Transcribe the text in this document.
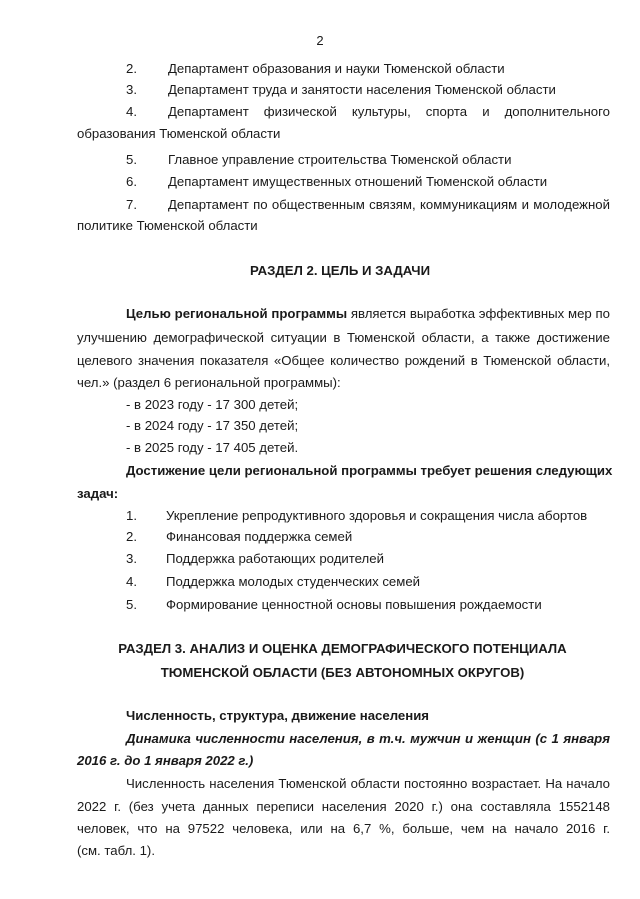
2
2.	Департамент образования и науки Тюменской области
3.	Департамент труда и занятости населения Тюменской области
4.	Департамент физической культуры, спорта и дополнительного
образования Тюменской области
5.	Главное управление строительства Тюменской области
6.	Департамент имущественных отношений Тюменской области
7.	Департамент по общественным связям, коммуникациям и молодежной
политике Тюменской области
РАЗДЕЛ 2. ЦЕЛЬ И ЗАДАЧИ
Целью региональной программы является выработка эффективных мер по
улучшению демографической ситуации в Тюменской области, а также достижение
целевого значения показателя «Общее количество рождений в Тюменской области,
чел.» (раздел 6 региональной программы):
- в 2023 году - 17 300 детей;
- в 2024 году - 17 350 детей;
- в 2025 году - 17 405 детей.
Достижение цели региональной программы требует решения следующих
задач:
1.	Укрепление репродуктивного здоровья и сокращения числа абортов
2.	Финансовая поддержка семей
3.	Поддержка работающих родителей
4.	Поддержка молодых студенческих семей
5.	Формирование ценностной основы повышения рождаемости
РАЗДЕЛ 3. АНАЛИЗ И ОЦЕНКА ДЕМОГРАФИЧЕСКОГО ПОТЕНЦИАЛА
ТЮМЕНСКОЙ ОБЛАСТИ (БЕЗ АВТОНОМНЫХ ОКРУГОВ)
Численность, структура, движение населения
Динамика численности населения, в т.ч. мужчин и женщин (с 1 января
2016 г. до 1 января 2022 г.)
Численность населения Тюменской области постоянно возрастает. На начало
2022 г. (без учета данных переписи населения 2020 г.) она составляла 1552148
человек, что на 97522 человека, или на 6,7 %, больше, чем на начало 2016 г.
(см. табл. 1).
